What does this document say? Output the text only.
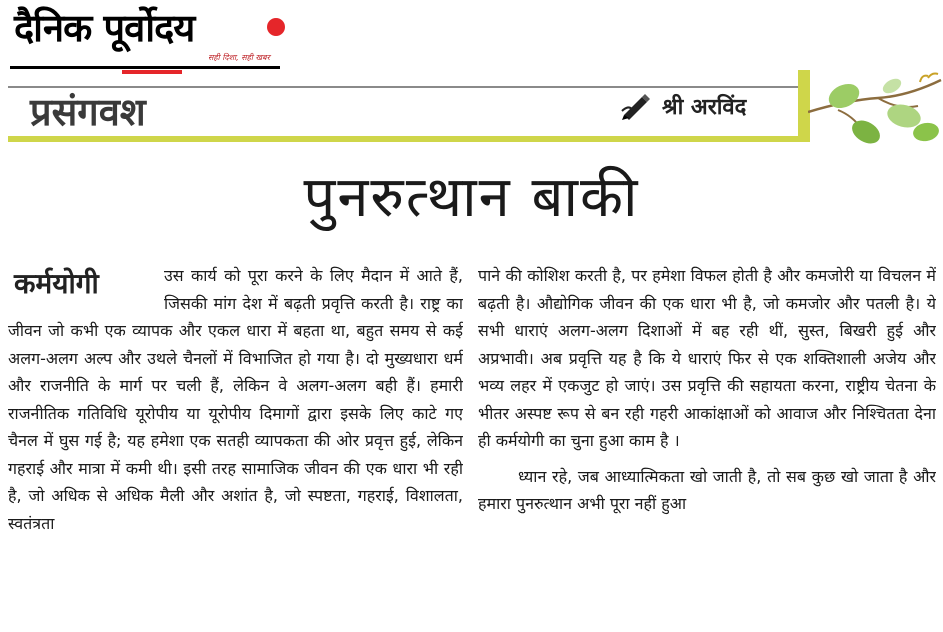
दैनिक पूर्वोदय
सही दिशा, सही खबर
प्रसंगवश	श्री अरविंद
पुनरुत्थान बाकी
कर्मयोगी	उस कार्य को पूरा करने के लिए मैदान में आते हैं, जिसकी मांग देश में बढ़ती प्रवृत्ति करती है। राष्ट्र का जीवन जो कभी एक व्यापक और एकल धारा में बहता था, बहुत समय से कई अलग-अलग अल्प और उथले चैनलों में विभाजित हो गया है। दो मुख्यधारा धर्म और राजनीति के मार्ग पर चली हैं, लेकिन वे अलग-अलग बही हैं। हमारी राजनीतिक गतिविधि यूरोपीय या यूरोपीय दिमागों द्वारा इसके लिए काटे गए चैनल में घुस गई है; यह हमेशा एक सतही व्यापकता की ओर प्रवृत्त हुई, लेकिन गहराई और मात्रा में कमी थी। इसी तरह सामाजिक जीवन की एक धारा भी रही है, जो अधिक से अधिक मैली और अशांत है, जो स्पष्टता, गहराई, विशालता, स्वतंत्रता

पाने की कोशिश करती है, पर हमेशा विफल होती है और कमजोरी या विचलन में बढ़ती है। औद्योगिक जीवन की एक धारा भी है, जो कमजोर और पतली है। ये सभी धाराएं अलग-अलग दिशाओं में बह रही थीं, सुस्त, बिखरी हुई और अप्रभावी। अब प्रवृत्ति यह है कि ये धाराएं फिर से एक शक्तिशाली अजेय और भव्य लहर में एकजुट हो जाएं। उस प्रवृत्ति की सहायता करना, राष्ट्रीय चेतना के भीतर अस्पष्ट रूप से बन रही गहरी आकांक्षाओं को आवाज और निश्चितता देना ही कर्मयोगी का चुना हुआ काम है ।

ध्यान रहे, जब आध्यात्मिकता खो जाती है, तो सब कुछ खो जाता है और हमारा पुनरुत्थान अभी पूरा नहीं हुआ
